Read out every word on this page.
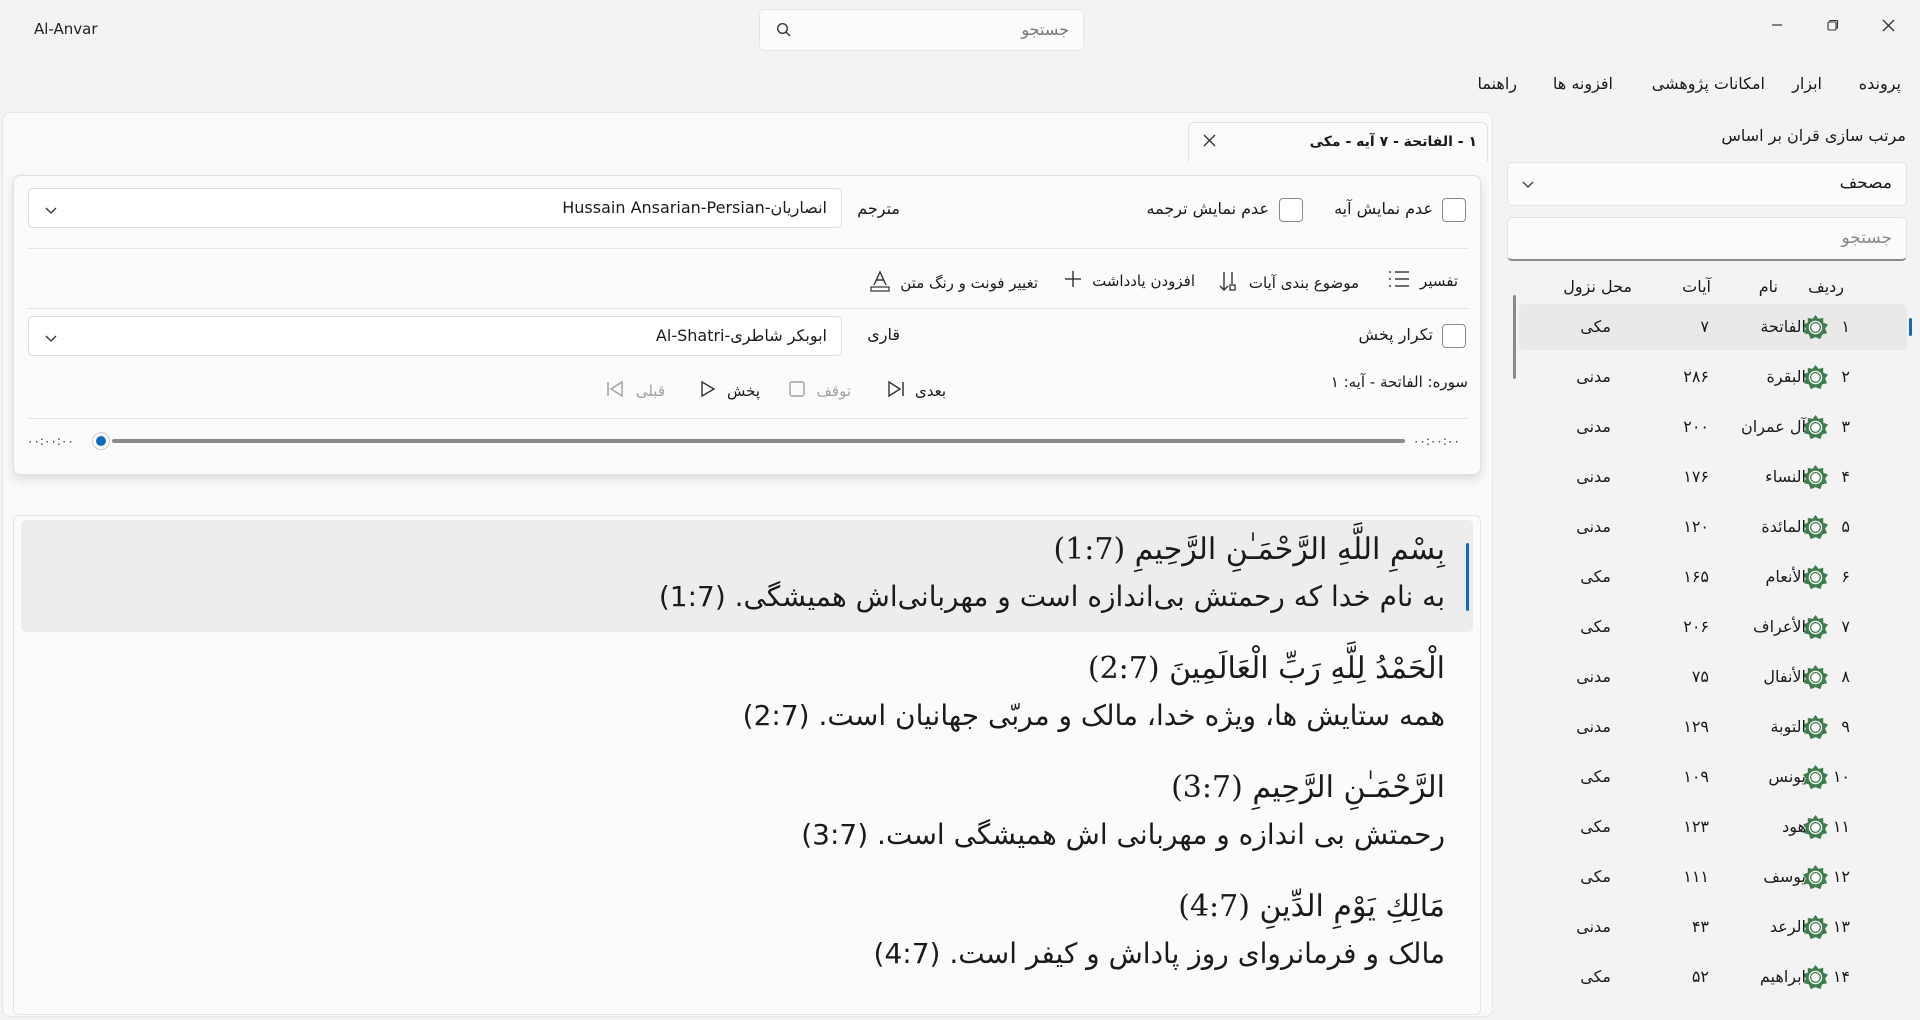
Al-Anvar	جستجو
پرونده
ابزار
امکانات پژوهشی
افزونه ها
راهنما
مرتب سازی قران بر اساس
مصحف
جستجو
ردیف
نام
آیات
محل نزول
۱
الفاتحة
۷
مکی
۲
البقرة
۲۸۶
مدنی
۳
آل عمران
۲۰۰
مدنی
۴
النساء
۱۷۶
مدنی
۵
المائدة
۱۲۰
مدنی
۶
الأنعام
۱۶۵
مکی
۷
الأعراف
۲۰۶
مکی
۸
الأنفال
۷۵
مدنی
۹
التوبة
۱۲۹
مدنی
۱۰
یونس
۱۰۹
مکی
۱۱
هود
۱۲۳
مکی
۱۲
یوسف
۱۱۱
مکی
۱۳
الرعد
۴۳
مدنی
۱۴
ابراهیم
۵۲
مکی
۱ - الفاتحة - ۷ آیه - مکی
عدم نمایش آیه
عدم نمایش ترجمه
مترجم
انصاریان-Hussain Ansarian-Persian
تفسیر
موضوع بندی آیات
افزودن یادداشت
تغییر فونت و رنگ متن
تکرار پخش
قاری
ابوبکر شاطری-Al-Shatri
سوره: الفاتحة - آیه: ۱
بعدی
توقف
پخش
قبلی
۰۰:۰۰:۰۰	۰۰:۰۰:۰۰
بِسْمِ اللَّهِ الرَّحْمَـٰنِ الرَّحِيمِ (1:7)
به نام خدا که رحمتش بی‌اندازه است و مهربانی‌اش همیشگی. (1:7)
الْحَمْدُ لِلَّهِ رَبِّ الْعَالَمِينَ (2:7)
همه ستایش ها، ویژه خدا، مالک و مربّی جهانیان است. (2:7)
الرَّحْمَـٰنِ الرَّحِيمِ (3:7)
رحمتش بی اندازه و مهربانی اش همیشگی است. (3:7)
مَالِكِ يَوْمِ الدِّينِ (4:7)
مالک و فرمانروای روز پاداش و کیفر است. (4:7)
